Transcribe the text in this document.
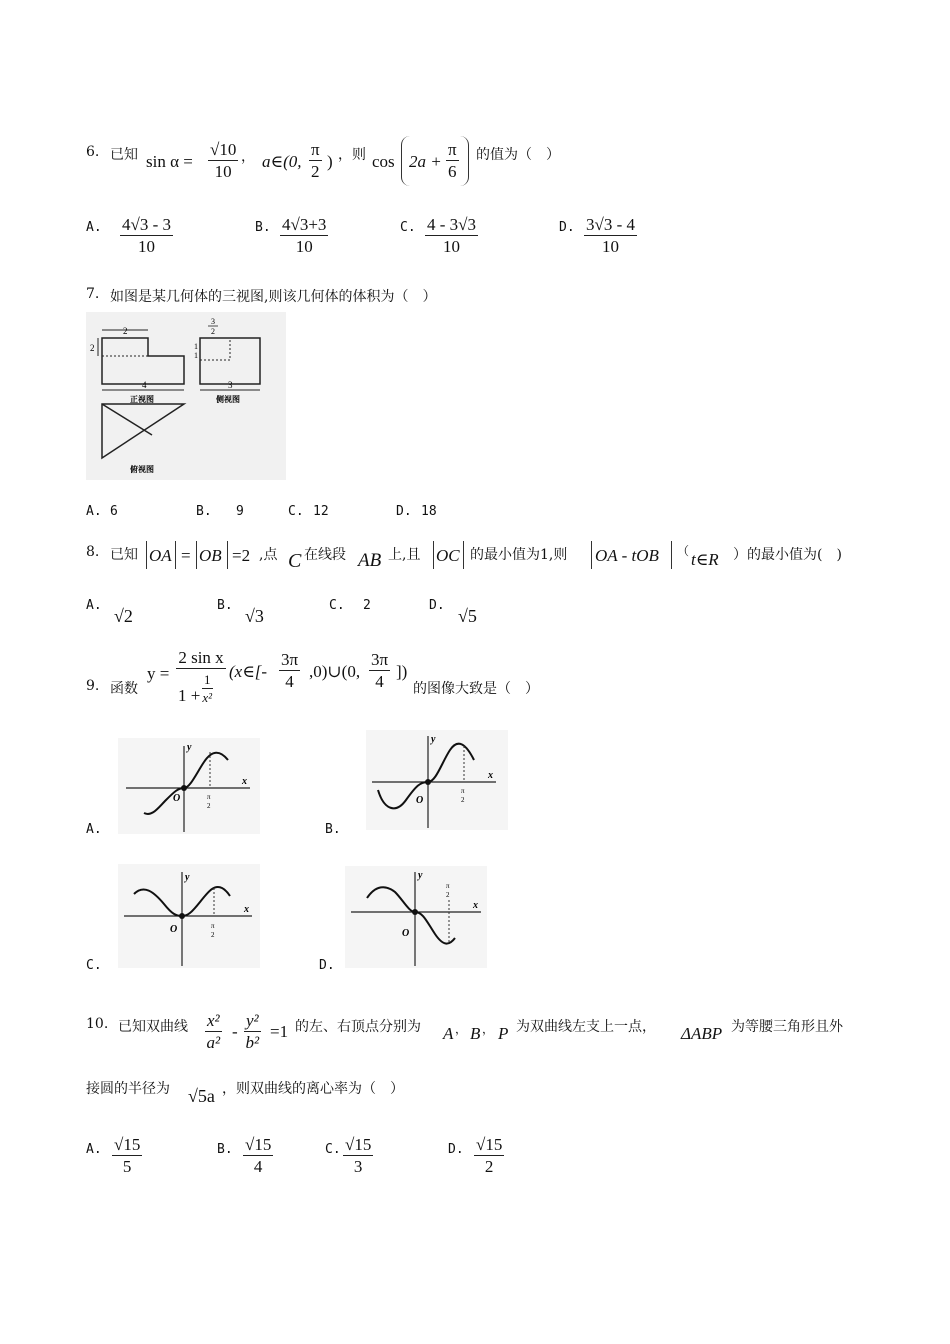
6. 已知 $\sin \alpha = \frac{√10}{10}$ ， a∈(0, $\frac{\pi}{2}$ ) ，则 $\cos 2a + \frac{\pi}{6}$ 的值为（　）
A. $\frac{4√3 - 3}{10}$	B. $\frac{4√3+3}{10}$	C. $\frac{4 - 3√3}{10}$	D. $\frac{3√3 - 4}{10}$
7. 如图是某几何体的三视图,则该几何体的体积为（　）
2
2
4
正视图
3
2
1
1
3
侧视图
俯视图
A. 6	B. 9	C. 12	D. 18
8. 已知 OA = OB =2 ,点 C 在线段 AB 上,且 OC 的最小值为1,则 OA - tOB （ t∈R ）的最小值为(　)
A.
√2
B.
√3
C. 2	D.
√5
9. 函数
y =
2 sin x
$1 + \frac{1}{\text{x²}}$
(x∈[- $\frac{3\pi}{4}$ ,0)∪(0, $\frac{3\pi}{4}$ ])
的图像大致是（　）
A.
y
x
O	π
2
B.
y
x
O
π
2
C.
y
x
O	π
2
D.
y
x
O
π
2
10. 已知双曲线 $\frac{\text{x²}}{\text{a²}} - \frac{\text{y²}}{\text{b²}} =1$ 的左、右顶点分别为 A ， B ， P 为双曲线左支上一点， ΔABP 为等腰三角形且外
接圆的半径为 √5a ，则双曲线的离心率为（　）
A. $\frac{√15}{5}$	B. $\frac{√15}{4}$	C. $\frac{√15}{3}$	D. $\frac{√15}{2}$
